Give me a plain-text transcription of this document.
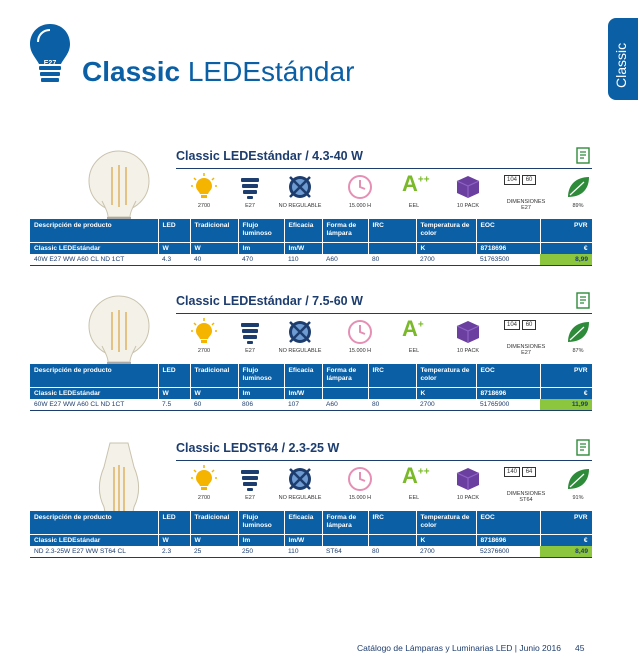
E27 Classic LEDEstándar	Classic
Classic LEDEstándar / 4.3-40 W
2700	E27	NO REGULABLE	15.000 H
A++
EEL	10 PACK
104 60
DIMENSIONES
E27	89%
Descripción de producto	LED	Tradicional	Flujo luminoso	Eficacia	Forma de lámpara	IRC	Temperatura de color	EOC	PVR
Classic LEDEstándar	W	W	lm	lm/W			K	8718696	€
40W E27 WW A60 CL ND 1CT	4.3	40	470	110	A60	80	2700	51763500	8,99
Classic LEDEstándar / 7.5-60 W
2700	E27	NO REGULABLE	15.000 H
A+
EEL	10 PACK
104 60
DIMENSIONES
E27	87%
Descripción de producto	LED	Tradicional	Flujo luminoso	Eficacia	Forma de lámpara	IRC	Temperatura de color	EOC	PVR
Classic LEDEstándar	W	W	lm	lm/W			K	8718696	€
60W E27 WW A60 CL ND 1CT	7.5	60	806	107	A60	80	2700	51765900	11,99
Classic LEDST64 / 2.3-25 W
2700	E27	NO REGULABLE	15.000 H
A++
EEL	10 PACK
140 64
DIMENSIONES
ST64	91%
Descripción de producto	LED	Tradicional	Flujo luminoso	Eficacia	Forma de lámpara	IRC	Temperatura de color	EOC	PVR
Classic LEDEstándar	W	W	lm	lm/W			K	8718696	€
ND 2.3-25W E27 WW ST64 CL	2.3	25	250	110	ST64	80	2700	52376600	8,49
Catálogo de Lámparas y Luminarias LED | Junio 2016 45
